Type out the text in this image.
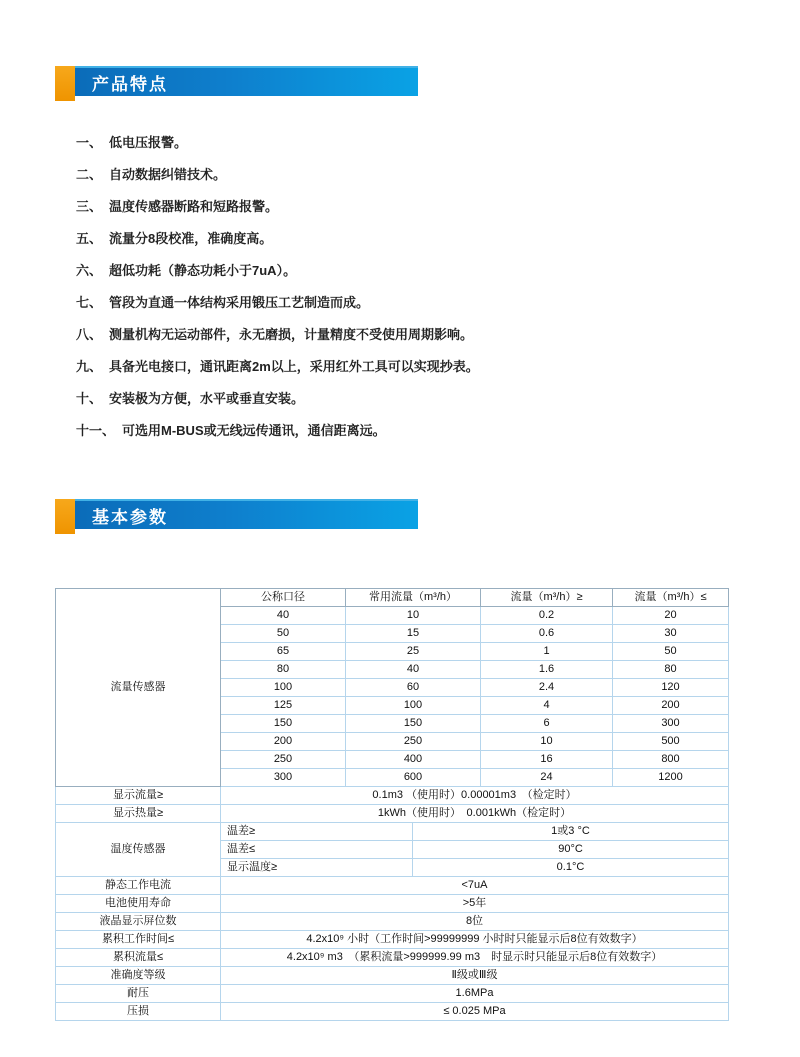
产品特点
一、 低电压报警。
二、 自动数据纠错技术。
三、 温度传感器断路和短路报警。
五、 流量分8段校准，准确度高。
六、 超低功耗（静态功耗小于7uA）。
七、 管段为直通一体结构采用锻压工艺制造而成。
八、 测量机构无运动部件，永无磨损，计量精度不受使用周期影响。
九、 具备光电接口，通讯距离2m以上，采用红外工具可以实现抄表。
十、 安装极为方便，水平或垂直安装。
十一、 可选用M-BUS或无线远传通讯，通信距离远。
基本参数
流量传感器	公称口径	常用流量（m³/h）		流量（m³/h）≥	流量（m³/h）≤
	40	10		0.2	20
	50	15		0.6	30
	65	25		1	50
	80	40		1.6	80
	100	60		2.4	120
	125	100		4	200
	150	150		6	300
	200	250		10	500
	250	400		16	800
	300	600		24	1200
显示流量≥	0.1m3 （使用时）0.00001m3　（检定时）				
显示热量≥	1kWh（使用时）　0.001kWh（检定时）				
温度传感器	温差≥		1或3 °C		
	温差≤		90°C		
	显示温度≥		0.1°C		
静态工作电流	<7uA				
电池使用寿命	>5年				
液晶显示屏位数	8位				
累积工作时间≤	4.2x10⁹ 小时（工作时间>99999999 小时时只能显示后8位有效数字）				
累积流量≤	4.2x10⁹ m3　（累积流量>999999.99 m3　时显示时只能显示后8位有效数字）				
准确度等级	Ⅱ级或Ⅲ级				
耐压	1.6MPa				
压损	≤ 0.025 MPa				
